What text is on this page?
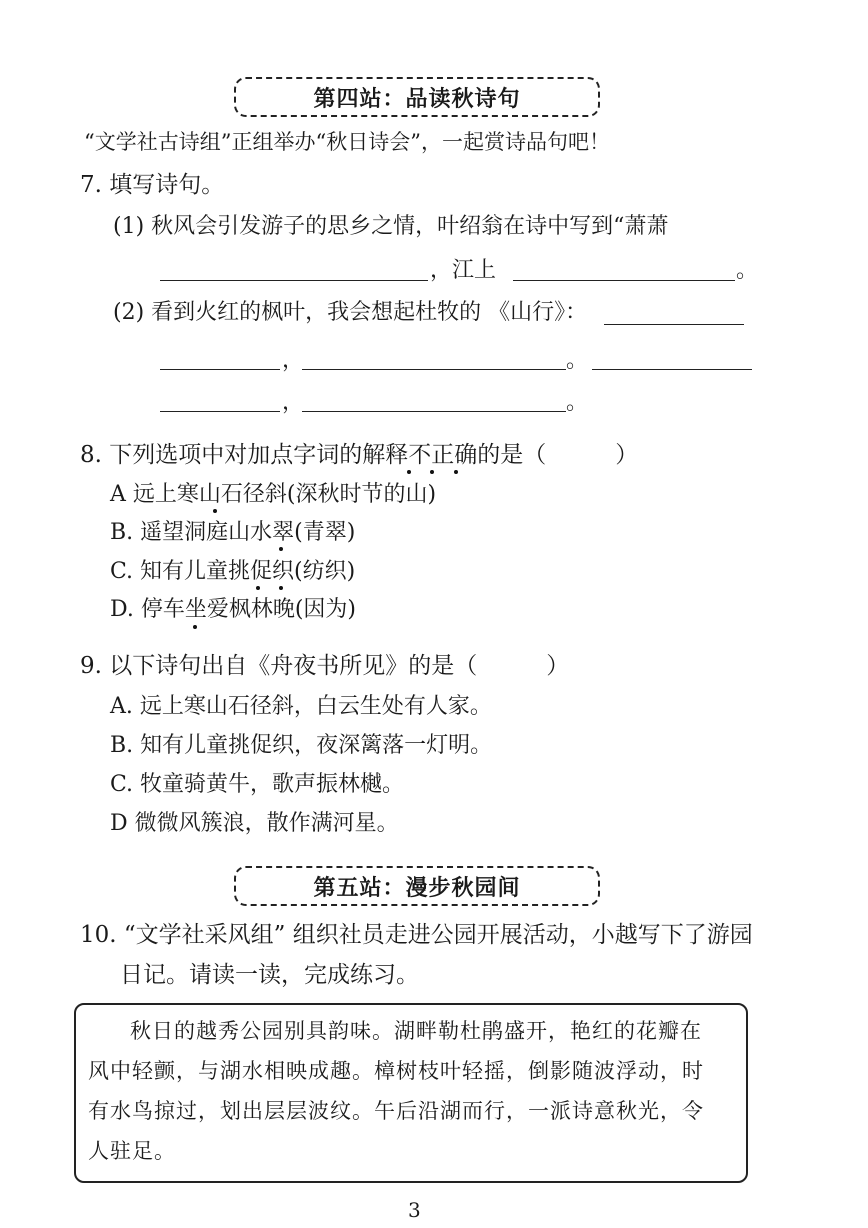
第四站：品读秋诗句
“文学社古诗组”正组举办“秋日诗会”，一起赏诗品句吧！
7. 填写诗句。
(1) 秋风会引发游子的思乡之情，叶绍翁在诗中写到“萧萧
，江上	。
(2) 看到火红的枫叶，我会想起杜牧的 《山行》：
，	。
，	。
8. 下列选项中对加点字词的解释不正确的是（　　　）
A 远上寒山石径斜(深秋时节的山)
B. 遥望洞庭山水翠(青翠)
C. 知有儿童挑促织(纺织)
D. 停车坐爱枫林晚(因为)
9. 以下诗句出自《舟夜书所见》的是（　　　）
A. 远上寒山石径斜，白云生处有人家。
B. 知有儿童挑促织，夜深篱落一灯明。
C. 牧童骑黄牛，歌声振林樾。
D 微微风簇浪，散作满河星。
第五站：漫步秋园间
10. “文学社采风组” 组织社员走进公园开展活动，小越写下了游园
日记。请读一读，完成练习。

秋日的越秀公园别具韵味。湖畔勒杜鹃盛开，艳红的花瓣在

风中轻颤，与湖水相映成趣。樟树枝叶轻摇，倒影随波浮动，时

有水鸟掠过，划出层层波纹。午后沿湖而行，一派诗意秋光，令

人驻足。

3
